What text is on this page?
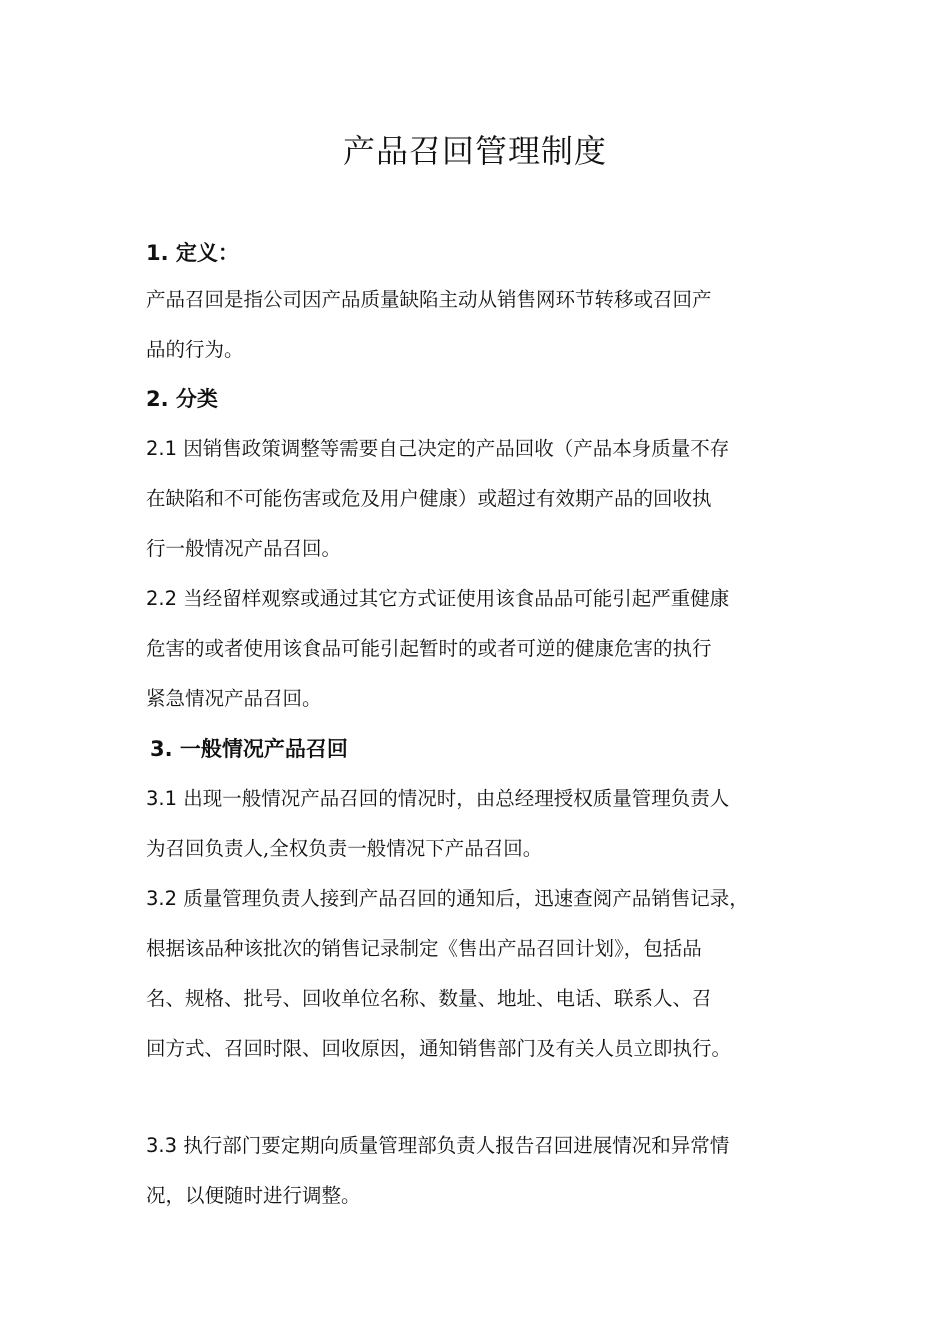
产品召回管理制度
1. 定义：
产品召回是指公司因产品质量缺陷主动从销售网环节转移或召回产
品的行为。
2. 分类
2.1 因销售政策调整等需要自己决定的产品回收（产品本身质量不存
在缺陷和不可能伤害或危及用户健康）或超过有效期产品的回收执
行一般情况产品召回。
2.2 当经留样观察或通过其它方式证使用该食品品可能引起严重健康
危害的或者使用该食品可能引起暂时的或者可逆的健康危害的执行
紧急情况产品召回。
3. 一般情况产品召回
3.1 出现一般情况产品召回的情况时，由总经理授权质量管理负责人
为召回负责人,全权负责一般情况下产品召回。
3.2 质量管理负责人接到产品召回的通知后，迅速查阅产品销售记录，
根据该品种该批次的销售记录制定《售出产品召回计划》，包括品
名、规格、批号、回收单位名称、数量、地址、电话、联系人、召
回方式、召回时限、回收原因，通知销售部门及有关人员立即执行。
3.3 执行部门要定期向质量管理部负责人报告召回进展情况和异常情
况，以便随时进行调整。
